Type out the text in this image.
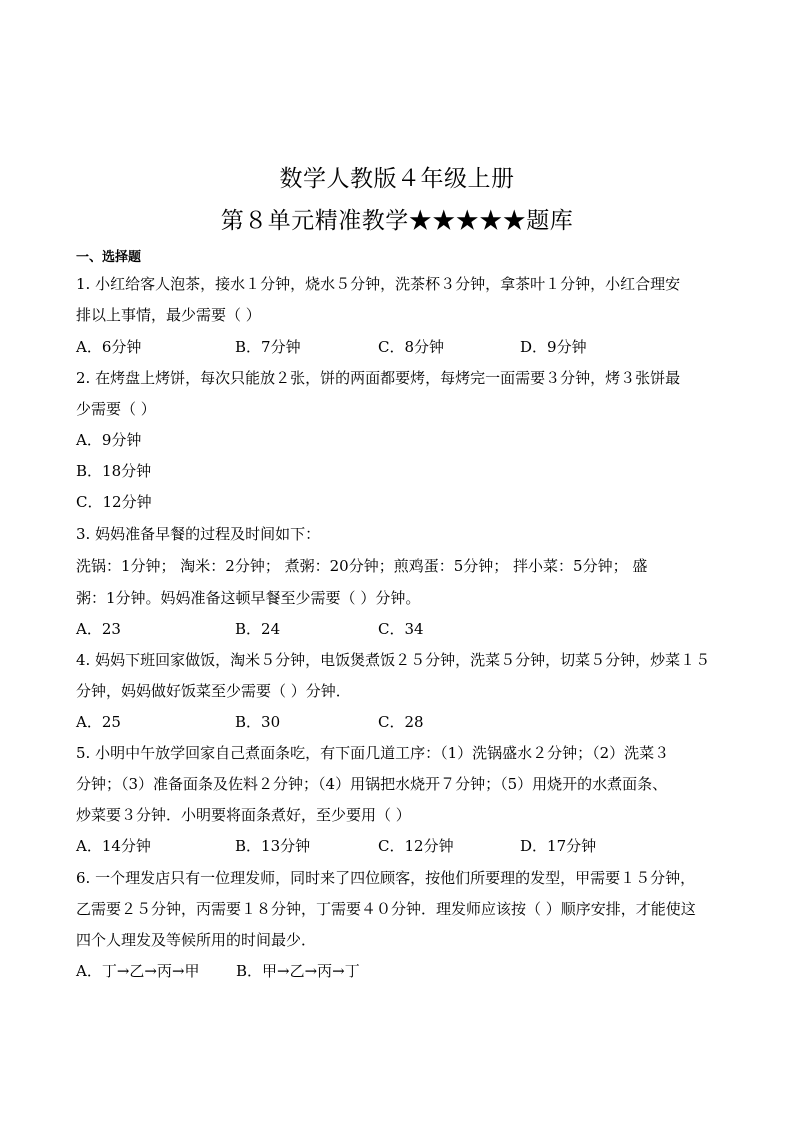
数学人教版４年级上册
第８单元精准教学★★★★★题库
一、选择题
1. 小红给客人泡茶，接水１分钟，烧水５分钟，洗茶杯３分钟，拿茶叶１分钟，小红合理安
排以上事情，最少需要（ ）
A．6分钟	B．7分钟	C．8分钟	D．9分钟
2. 在烤盘上烤饼，每次只能放２张，饼的两面都要烤，每烤完一面需要３分钟，烤３张饼最
少需要（ ）
A．9分钟
B．18分钟
C．12分钟
3. 妈妈准备早餐的过程及时间如下：
洗锅：1分钟； 淘米：2分钟； 煮粥：20分钟；煎鸡蛋：5分钟； 拌小菜：5分钟； 盛
粥：1分钟。妈妈准备这顿早餐至少需要（ ）分钟。
A．23	B．24	C．34
4. 妈妈下班回家做饭，淘米５分钟，电饭煲煮饭２５分钟，洗菜５分钟，切菜５分钟，炒菜１５
分钟，妈妈做好饭菜至少需要（ ）分钟．
A．25	B．30	C．28
5. 小明中午放学回家自己煮面条吃，有下面几道工序：（1）洗锅盛水２分钟；（2）洗菜３
分钟；（3）准备面条及佐料２分钟；（4）用锅把水烧开７分钟；（5）用烧开的水煮面条、
炒菜要３分钟．小明要将面条煮好，至少要用（ ）
A．14分钟	B．13分钟	C．12分钟	D．17分钟
6. 一个理发店只有一位理发师，同时来了四位顾客，按他们所要理的发型，甲需要１５分钟，
乙需要２５分钟，丙需要１８分钟，丁需要４０分钟．理发师应该按（ ）顺序安排，才能使这
四个人理发及等候所用的时间最少．
A．丁→乙→丙→甲 B．甲→乙→丙→丁
